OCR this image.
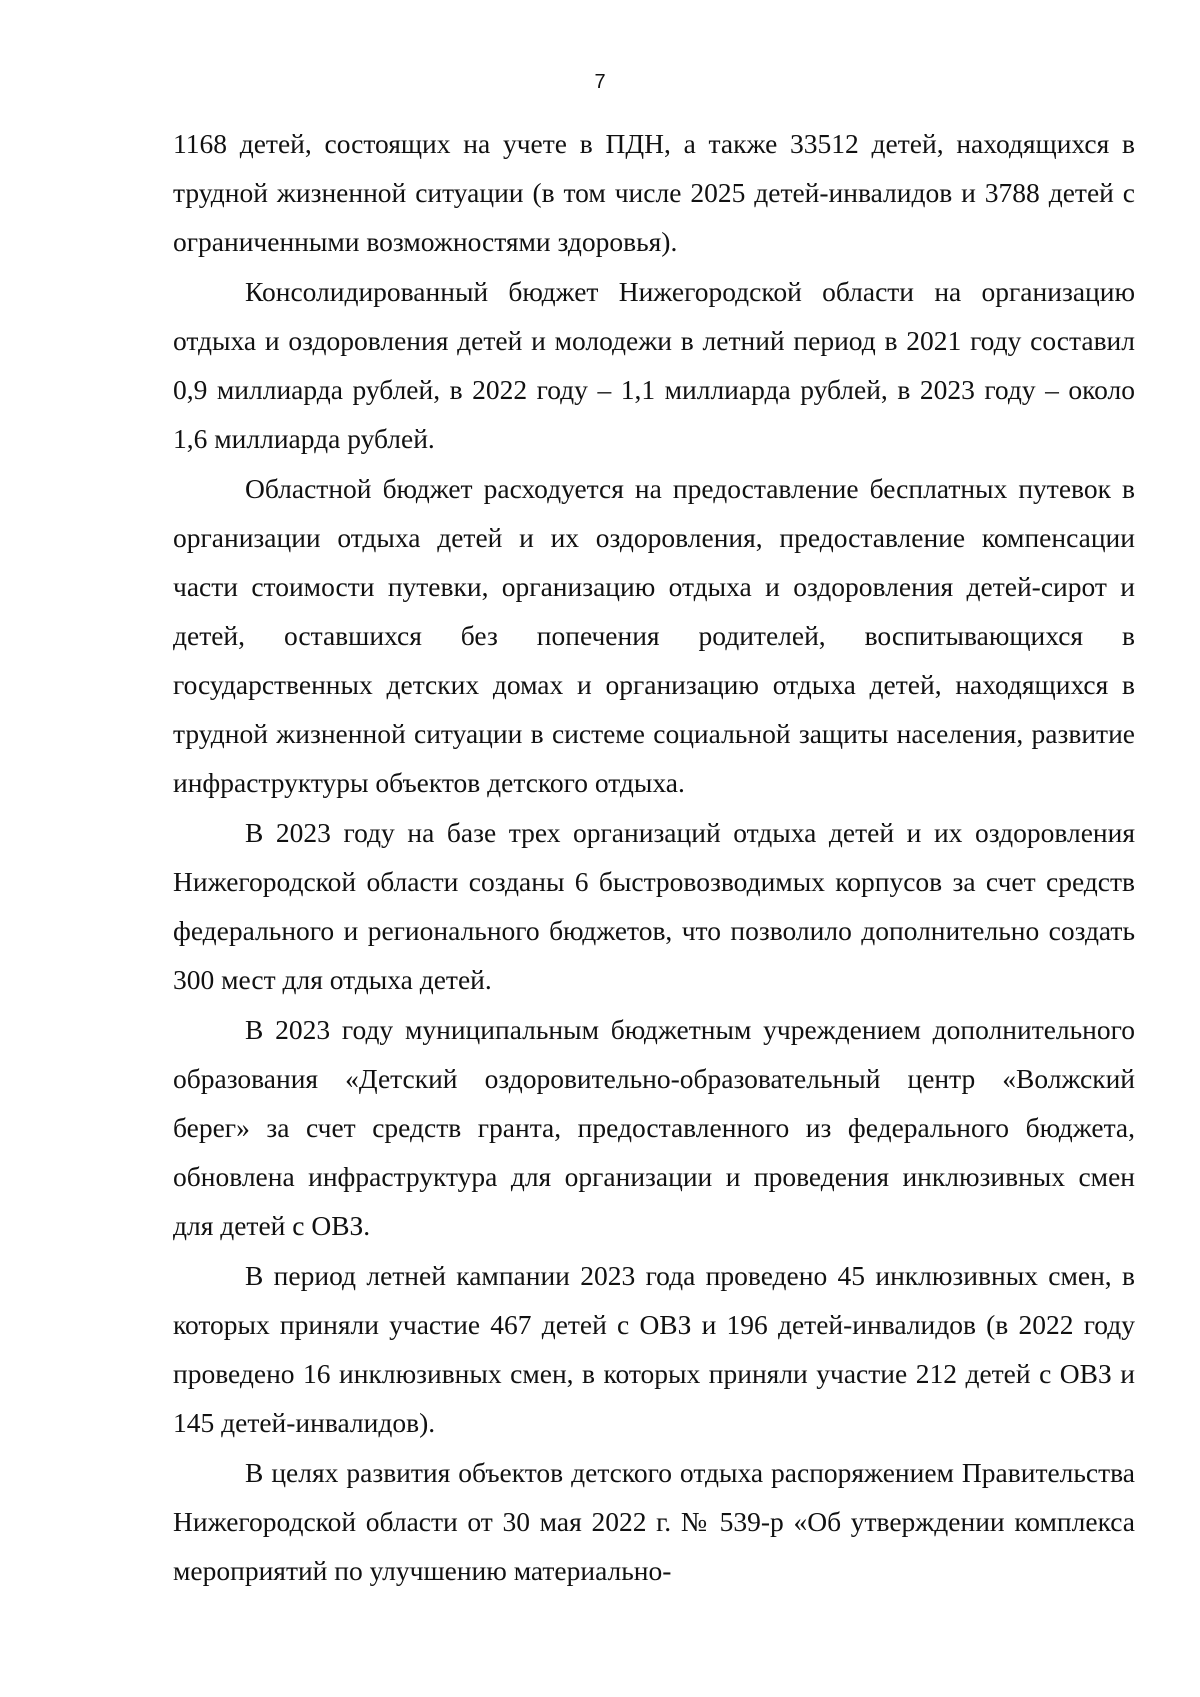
7

1168 детей, состоящих на учете в ПДН, а также 33512 детей, находящихся в трудной жизненной ситуации (в том числе 2025 детей-инвалидов и 3788 детей с ограниченными возможностями здоровья).

Консолидированный бюджет Нижегородской области на организацию отдыха и оздоровления детей и молодежи в летний период в 2021 году составил 0,9 миллиарда рублей, в 2022 году – 1,1 миллиарда рублей, в 2023 году – около 1,6 миллиарда рублей.

Областной бюджет расходуется на предоставление бесплатных путевок в организации отдыха детей и их оздоровления, предоставление компенсации части стоимости путевки, организацию отдыха и оздоровления детей-сирот и детей, оставшихся без попечения родителей, воспитывающихся в государственных детских домах и организацию отдыха детей, находящихся в трудной жизненной ситуации в системе социальной защиты населения, развитие инфраструктуры объектов детского отдыха.

В 2023 году на базе трех организаций отдыха детей и их оздоровления Нижегородской области созданы 6 быстровозводимых корпусов за счет средств федерального и регионального бюджетов, что позволило дополнительно создать 300 мест для отдыха детей.

В 2023 году муниципальным бюджетным учреждением дополнительного образования «Детский оздоровительно-образовательный центр «Волжский берег» за счет средств гранта, предоставленного из федерального бюджета, обновлена инфраструктура для организации и проведения инклюзивных смен для детей с ОВЗ.

В период летней кампании 2023 года проведено 45 инклюзивных смен, в которых приняли участие 467 детей с ОВЗ и 196 детей-инвалидов (в 2022 году проведено 16 инклюзивных смен, в которых приняли участие 212 детей с ОВЗ и 145 детей-инвалидов).

В целях развития объектов детского отдыха распоряжением Правительства Нижегородской области от 30 мая 2022 г. № 539-р «Об утверждении комплекса мероприятий по улучшению материально-
